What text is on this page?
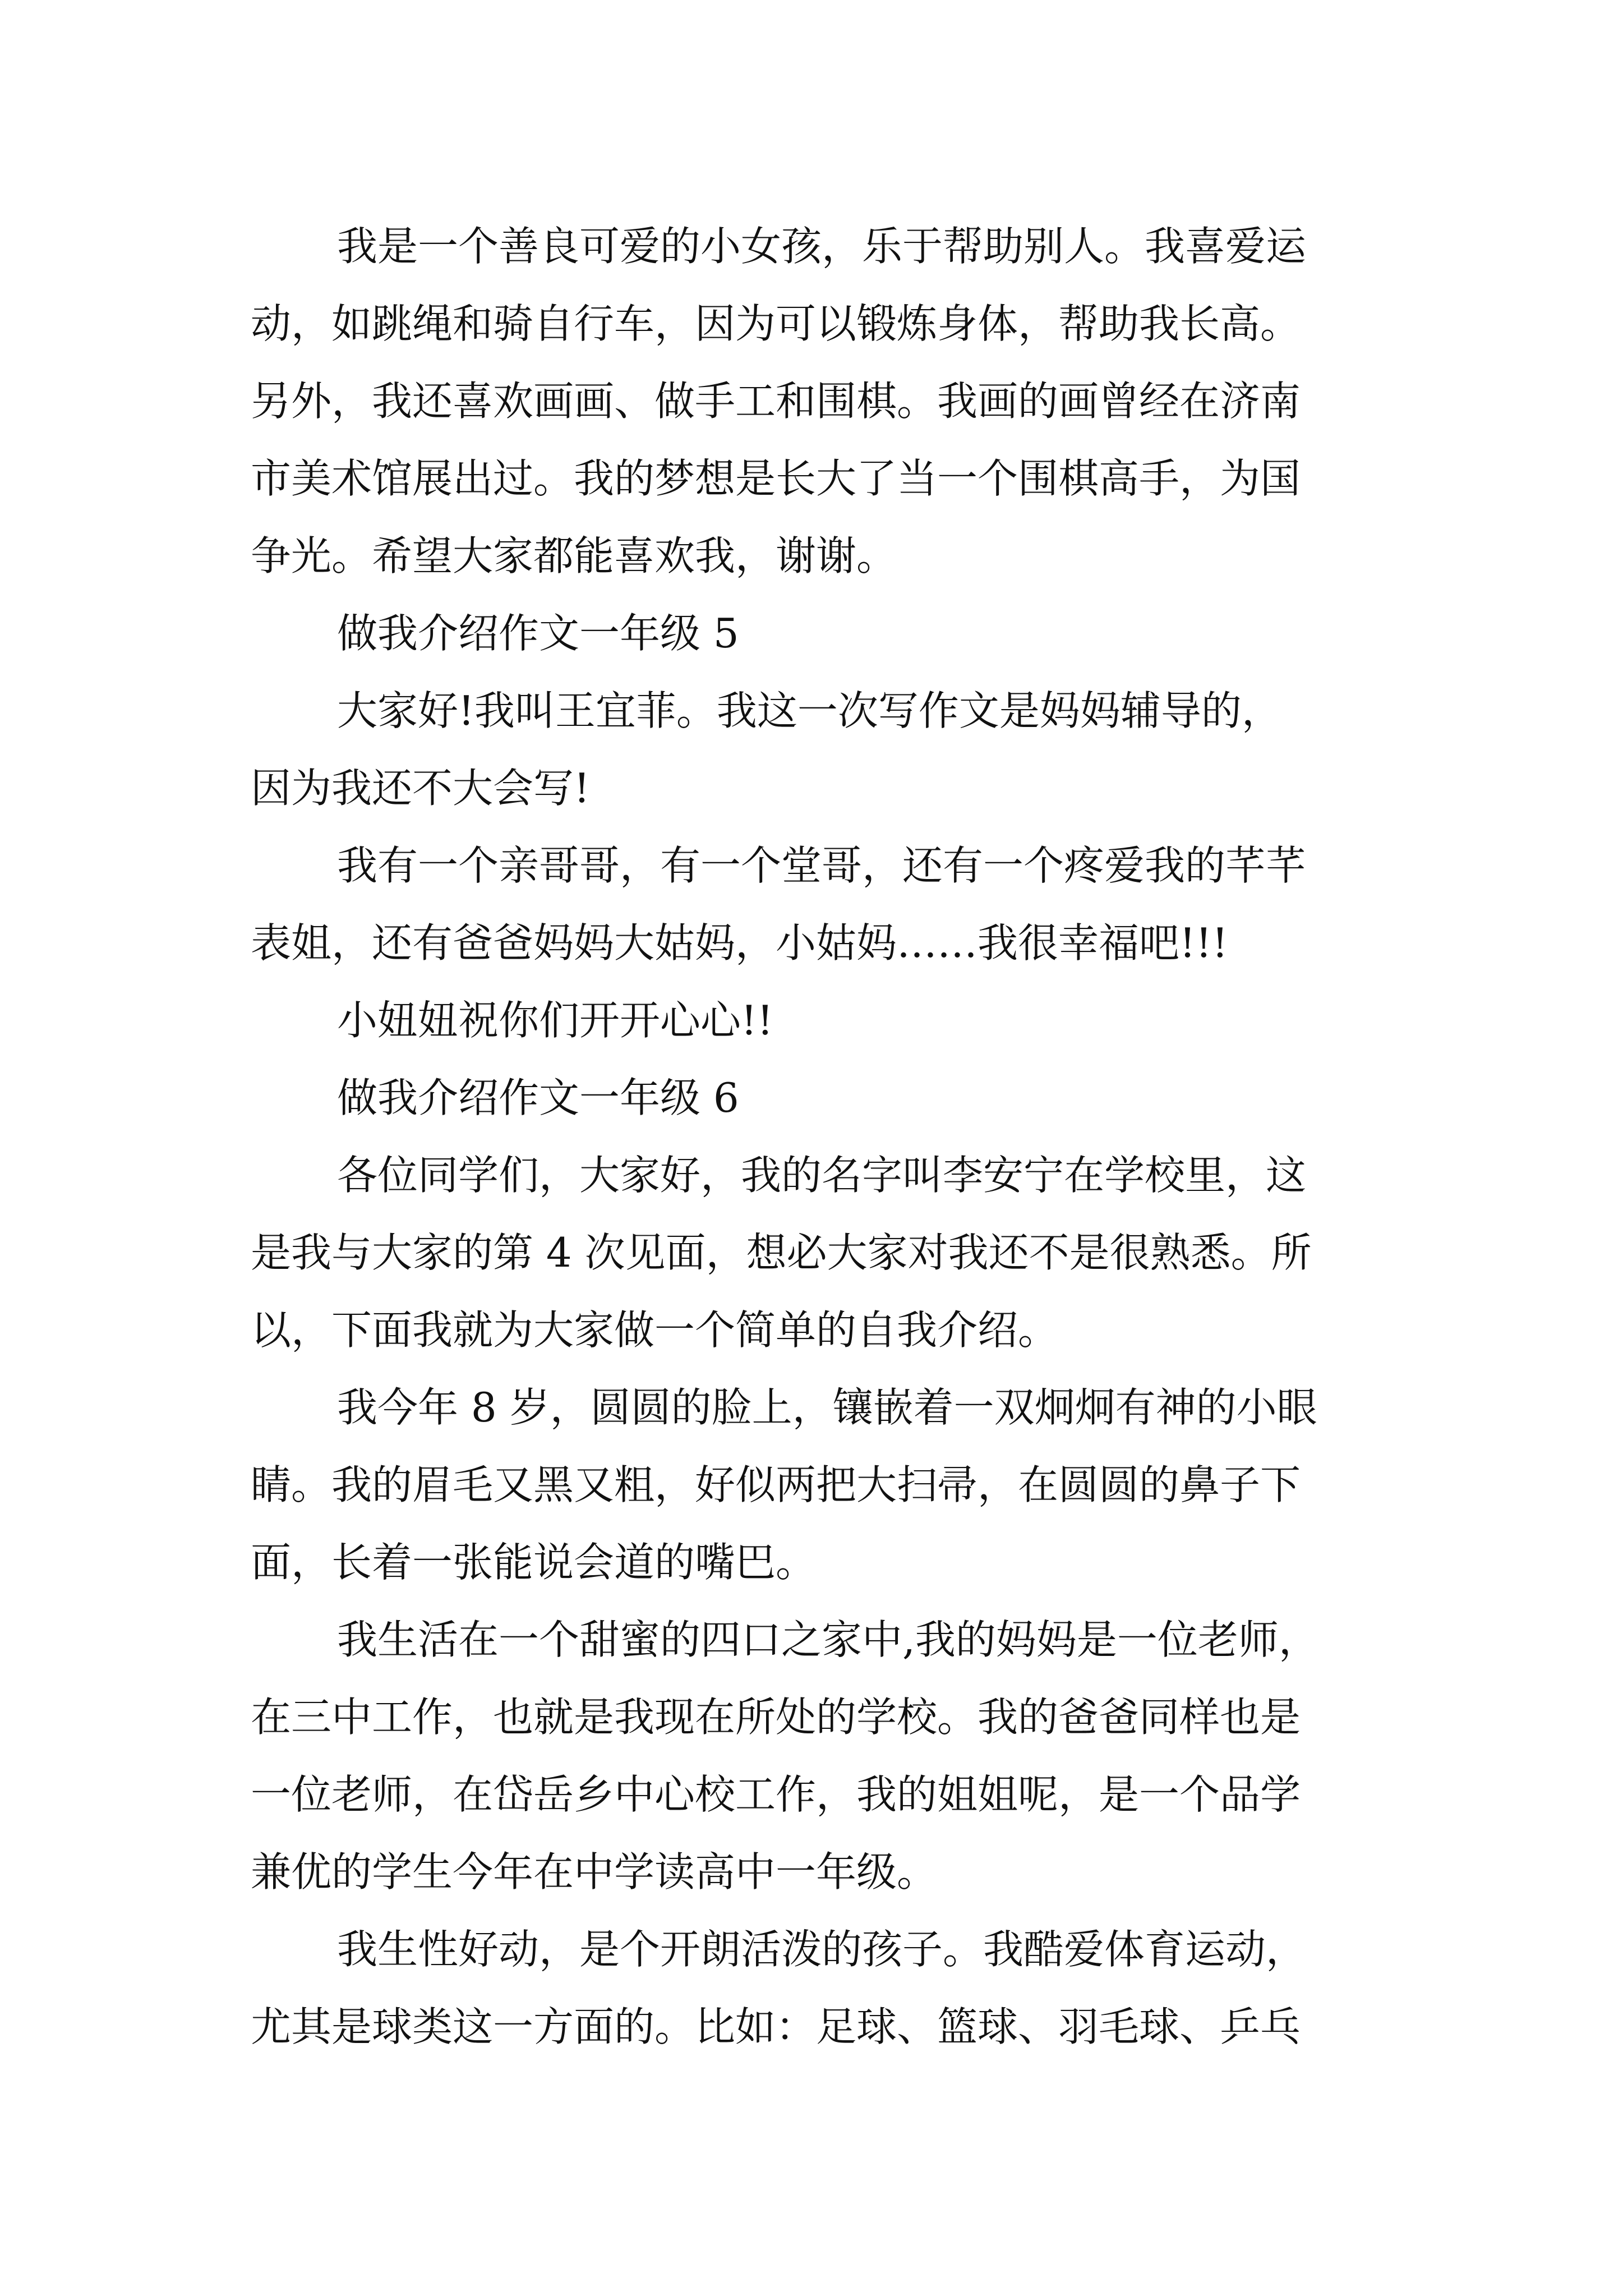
我是一个善良可爱的小女孩，乐于帮助别人。我喜爱运
动，如跳绳和骑自行车，因为可以锻炼身体，帮助我长高。
另外，我还喜欢画画、做手工和围棋。我画的画曾经在济南
市美术馆展出过。我的梦想是长大了当一个围棋高手，为国
争光。希望大家都能喜欢我，谢谢。
做我介绍作文一年级 5
大家好!我叫王宜菲。我这一次写作文是妈妈辅导的，
因为我还不大会写!
我有一个亲哥哥，有一个堂哥，还有一个疼爱我的芊芊
表姐，还有爸爸妈妈大姑妈，小姑妈……我很幸福吧!!!
小妞妞祝你们开开心心!!
做我介绍作文一年级 6
各位同学们，大家好，我的名字叫李安宁在学校里，这
是我与大家的第 4 次见面，想必大家对我还不是很熟悉。所
以，下面我就为大家做一个简单的自我介绍。
我今年 8 岁，圆圆的脸上，镶嵌着一双炯炯有神的小眼
睛。我的眉毛又黑又粗，好似两把大扫帚，在圆圆的鼻子下
面，长着一张能说会道的嘴巴。
我生活在一个甜蜜的四口之家中,我的妈妈是一位老师，
在三中工作，也就是我现在所处的学校。我的爸爸同样也是
一位老师，在岱岳乡中心校工作，我的姐姐呢，是一个品学
兼优的学生今年在中学读高中一年级。
我生性好动，是个开朗活泼的孩子。我酷爱体育运动，
尤其是球类这一方面的。比如：足球、篮球、羽毛球、乒乓
